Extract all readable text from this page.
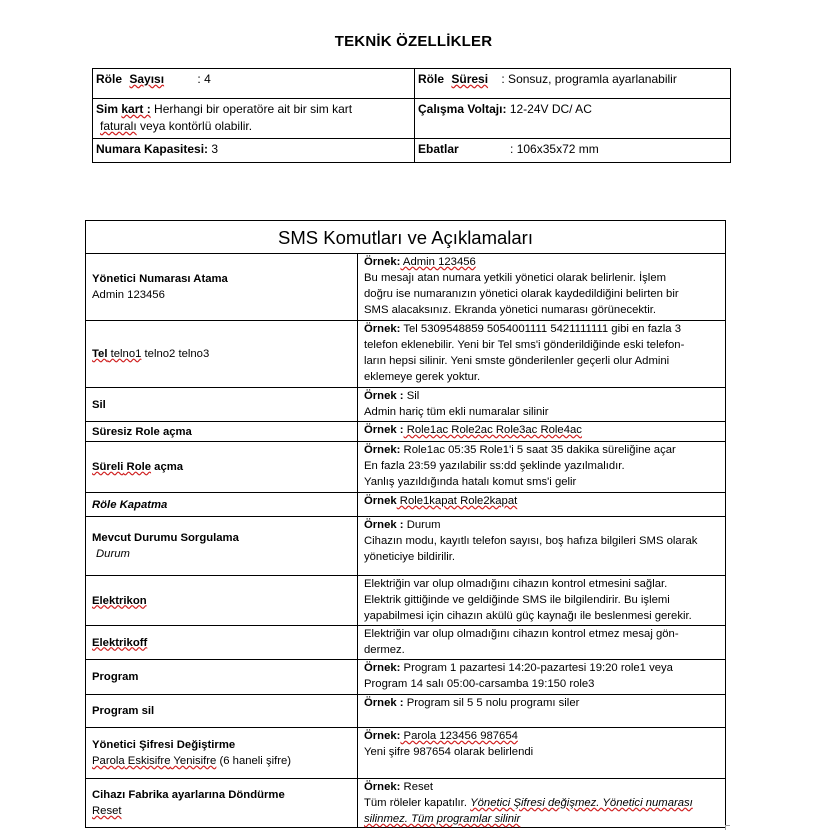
TEKNİK ÖZELLİKLER
Röle Sayısı : 4	Röle Süresi : Sonsuz, programla ayarlanabilir
Sim kart : Herhangi bir operatöre ait bir sim kart
faturalı veya kontörlü olabilir.	Çalışma Voltajı: 12-24V DC/ AC
Numara Kapasitesi: 3	Ebatlar : 106x35x72 mm
SMS Komutları ve Açıklamaları	

Yönetici Numarası Atama
Admin 123456	Örnek: Admin 123456
Bu mesajı atan numara yetkili yönetici olarak belirlenir. İşlem
doğru ise numaranızın yönetici olarak kaydedildiğini belirten bir
SMS alacaksınız. Ekranda yönetici numarası görünecektir.

Tel telno1 telno2 telno3	Örnek: Tel 5309548859 5054001111 5421111111 gibi en fazla 3
telefon eklenebilir. Yeni bir Tel sms'i gönderildiğinde eski telefon-
ların hepsi silinir. Yeni smste gönderilenler geçerli olur Admini
eklemeye gerek yoktur.

Sil	Örnek : Sil
Admin hariç tüm ekli numaralar silinir

Süresiz Role açma	Örnek : Role1ac Role2ac Role3ac Role4ac
Süreli Role açma	Örnek: Role1ac 05:35 Role1'i 5 saat 35 dakika süreliğine açar
En fazla 23:59 yazılabilir ss:dd şeklinde yazılmalıdır.
Yanlış yazıldığında hatalı komut sms'i gelir

Röle Kapatma	Örnek Role1kapat Role2kapat

Mevcut Durumu Sorgulama
Durum	Örnek : Durum
Cihazın modu, kayıtlı telefon sayısı, boş hafıza bilgileri SMS olarak
yöneticiye bildirilir.

Elektrikon	Elektriğin var olup olmadığını cihazın kontrol etmesini sağlar.
Elektrik gittiğinde ve geldiğinde SMS ile bilgilendirir. Bu işlemi
yapabilmesi için cihazın akülü güç kaynağı ile beslenmesi gerekir.

Elektrikoff	Elektriğin var olup olmadığını cihazın kontrol etmez mesaj gön-
dermez.

Program	Örnek: Program 1 pazartesi 14:20-pazartesi 19:20 role1 veya
Program 14 salı 05:00-carsamba 19:150 role3

Program sil	Örnek : Program sil 5 5 nolu programı siler

Yönetici Şifresi Değiştirme
Parola Eskisifre Yenisifre (6 haneli şifre)	Örnek: Parola 123456 987654
Yeni şifre 987654 olarak belirlendi

Cihazı Fabrika ayarlarına Döndürme
Reset	Örnek: Reset
Tüm röleler kapatılır. Yönetici Şifresi değişmez. Yönetici numarası
silinmez. Tüm programlar silinir
